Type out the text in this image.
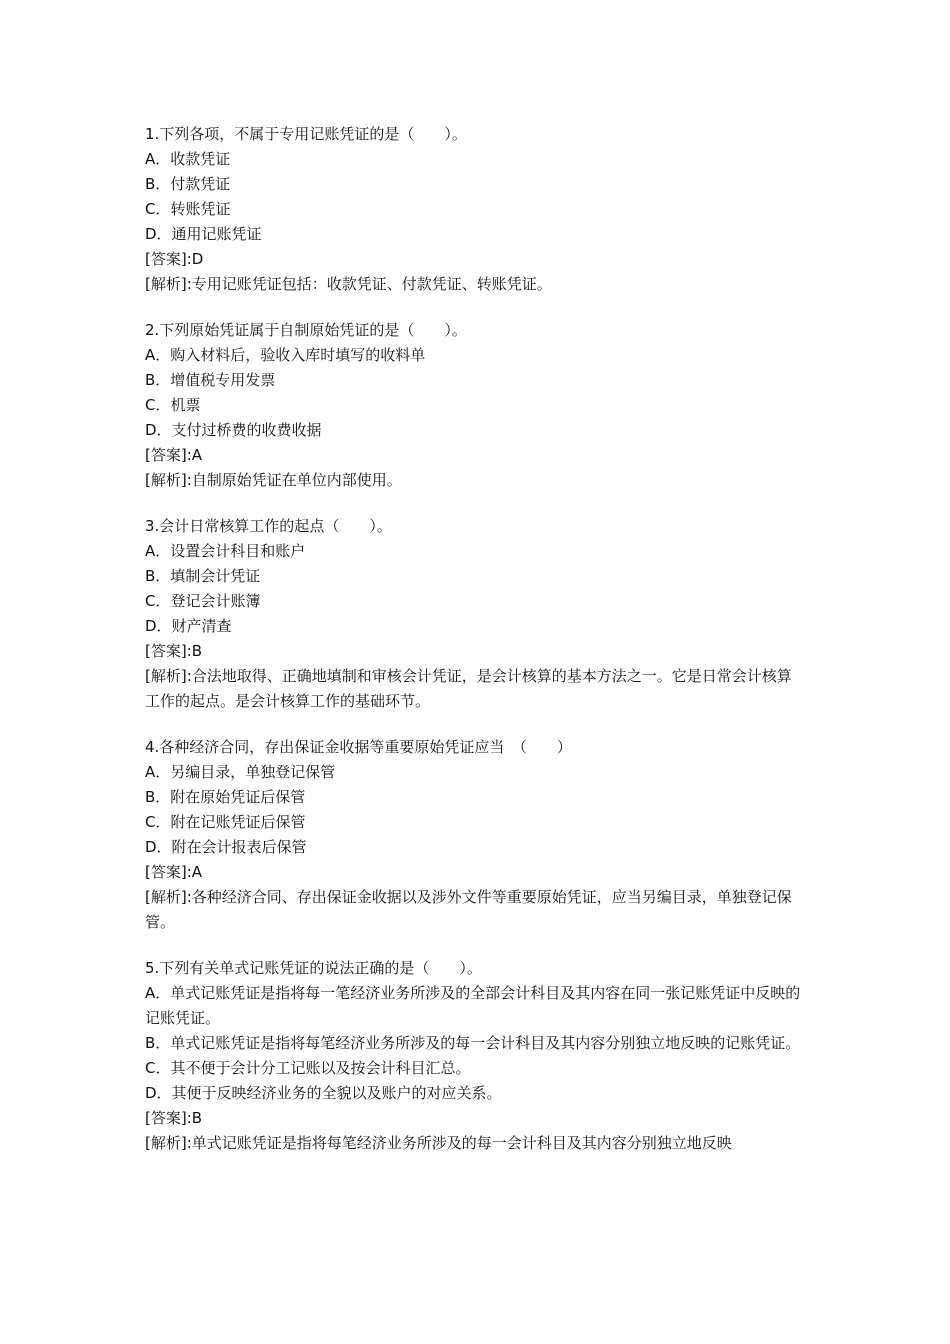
1.下列各项，不属于专用记账凭证的是（　　）。
A．收款凭证
B．付款凭证
C．转账凭证
D．通用记账凭证
[答案]:D
[解析]:专用记账凭证包括：收款凭证、付款凭证、转账凭证。
2.下列原始凭证属于自制原始凭证的是（　　）。
A．购入材料后，验收入库时填写的收料单
B．增值税专用发票
C．机票
D．支付过桥费的收费收据
[答案]:A
[解析]:自制原始凭证在单位内部使用。
3.会计日常核算工作的起点（　　）。
A．设置会计科目和账户
B．填制会计凭证
C．登记会计账簿
D．财产清查
[答案]:B
[解析]:合法地取得、正确地填制和审核会计凭证，是会计核算的基本方法之一。它是日常会计核算工作的起点。是会计核算工作的基础环节。
4.各种经济合同，存出保证金收据等重要原始凭证应当　（　　）
A．另编目录，单独登记保管
B．附在原始凭证后保管
C．附在记账凭证后保管
D．附在会计报表后保管
[答案]:A
[解析]:各种经济合同、存出保证金收据以及涉外文件等重要原始凭证，应当另编目录，单独登记保管。
5.下列有关单式记账凭证的说法正确的是（　　）。
A．单式记账凭证是指将每一笔经济业务所涉及的全部会计科目及其内容在同一张记账凭证中反映的记账凭证。
B．单式记账凭证是指将每笔经济业务所涉及的每一会计科目及其内容分别独立地反映的记账凭证。
C．其不便于会计分工记账以及按会计科目汇总。
D．其便于反映经济业务的全貌以及账户的对应关系。
[答案]:B
[解析]:单式记账凭证是指将每笔经济业务所涉及的每一会计科目及其内容分别独立地反映
